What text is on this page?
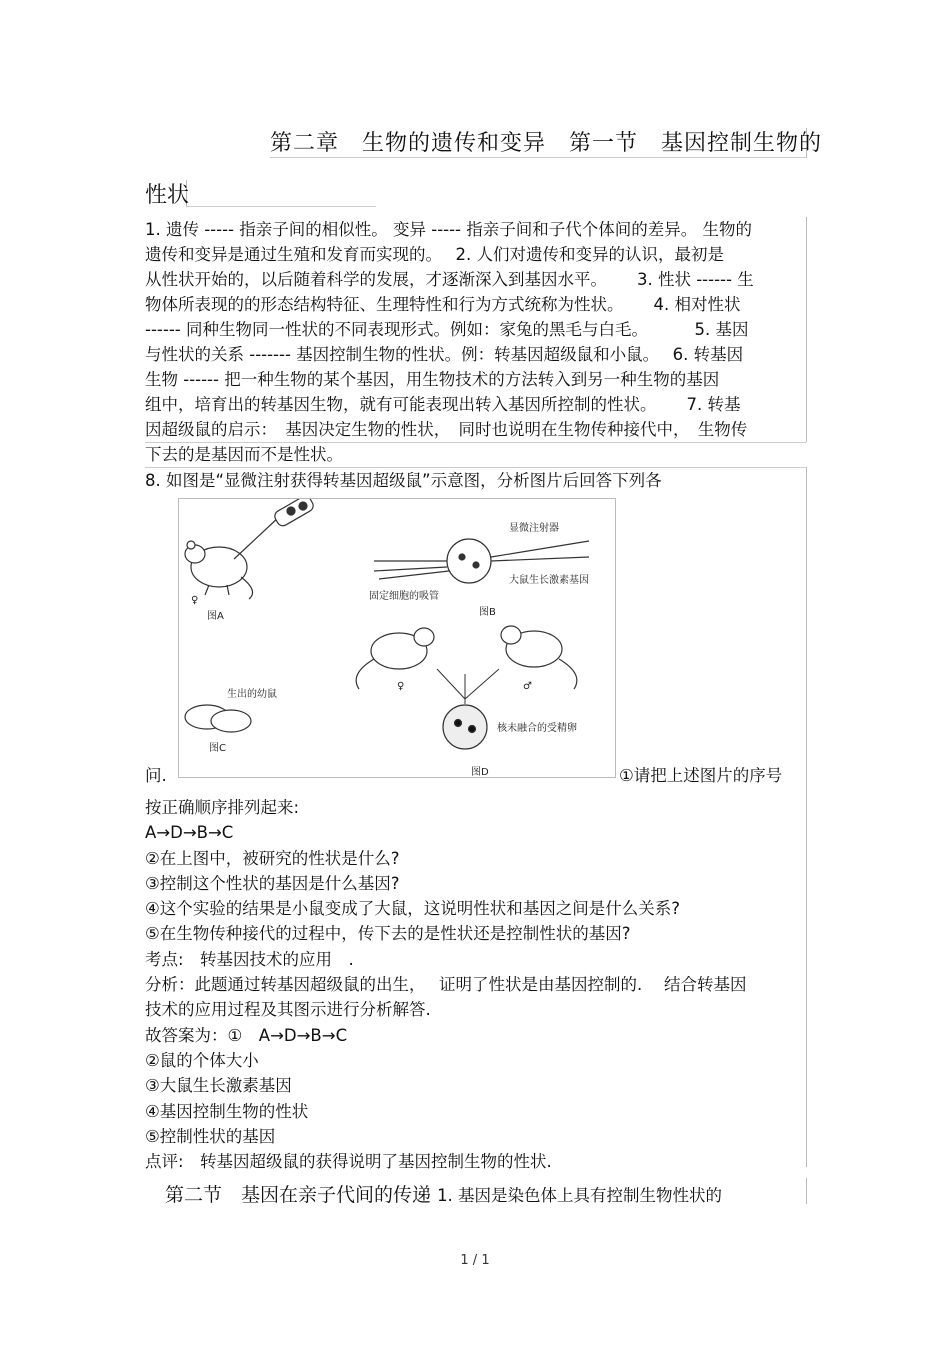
第二章　生物的遗传和变异　第一节　基因控制生物的
性状
1. 遗传 ----- 指亲子间的相似性。 变异 ----- 指亲子间和子代个体间的差异。 生物的
遗传和变异是通过生殖和发育而实现的。　 2. 人们对遗传和变异的认识，最初是
从性状开始的，以后随着科学的发展，才逐渐深入到基因水平。　　 3. 性状 ------ 生
物体所表现的的形态结构特征、生理特性和行为方式统称为性状。　　 4. 相对性状
------ 同种生物同一性状的不同表现形式。例如：家兔的黑毛与白毛。　　　 5. 基因
与性状的关系 ------- 基因控制生物的性状。例：转基因超级鼠和小鼠。　 6. 转基因
生物 ------ 把一种生物的某个基因，用生物技术的方法转入到另一种生物的基因
组中，培育出的转基因生物，就有可能表现出转入基因所控制的性状。　　 7. 转基
因超级鼠的启示：　基因决定生物的性状，　同时也说明在生物传种接代中，　生物传
下去的是基因而不是性状。
8. 如图是“显微注射获得转基因超级鼠”示意图，分析图片后回答下列各
显微注射器
大鼠生长激素基因
固定细胞的吸管
图A
♀
图B
生出的幼鼠
图C
♀	♂
核未融合的受精卵
图D
问.	①请把上述图片的序号
按正确顺序排列起来:
A→D→B→C
②在上图中，被研究的性状是什么?
③控制这个性状的基因是什么基因?
④这个实验的结果是小鼠变成了大鼠，这说明性状和基因之间是什么关系?
⑤在生物传种接代的过程中，传下去的是性状还是控制性状的基因?
考点:　转基因技术的应用　.
分析：此题通过转基因超级鼠的出生，　 证明了性状是由基因控制的.　 结合转基因
技术的应用过程及其图示进行分析解答.
故答案为：①　A→D→B→C
②鼠的个体大小
③大鼠生长激素基因
④基因控制生物的性状
⑤控制性状的基因
点评:　转基因超级鼠的获得说明了基因控制生物的性状.
第二节　基因在亲子代间的传递 1. 基因是染色体上具有控制生物性状的
1 / 1
